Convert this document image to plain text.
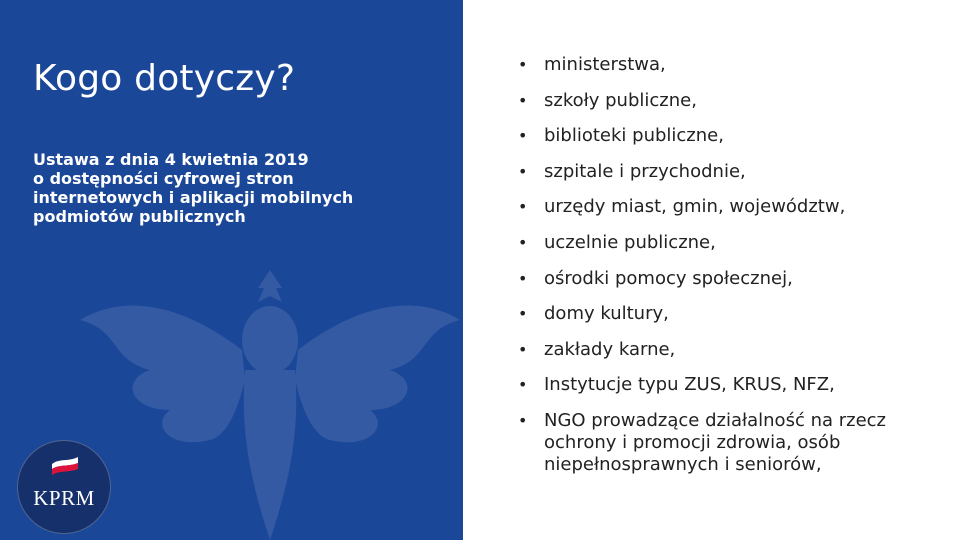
Kogo dotyczy?
Ustawa z dnia 4 kwietnia 2019
o dostępności cyfrowej stron
internetowych i aplikacji mobilnych
podmiotów publicznych
KPRM
• ministerstwa,
• szkoły publiczne,
• biblioteki publiczne,
• szpitale i przychodnie,
• urzędy miast, gmin, województw,
• uczelnie publiczne,
• ośrodki pomocy społecznej,
• domy kultury,
• zakłady karne,
• Instytucje typu ZUS, KRUS, NFZ,
• NGO prowadzące działalność na rzecz ochrony i promocji zdrowia, osób niepełnosprawnych i seniorów,
